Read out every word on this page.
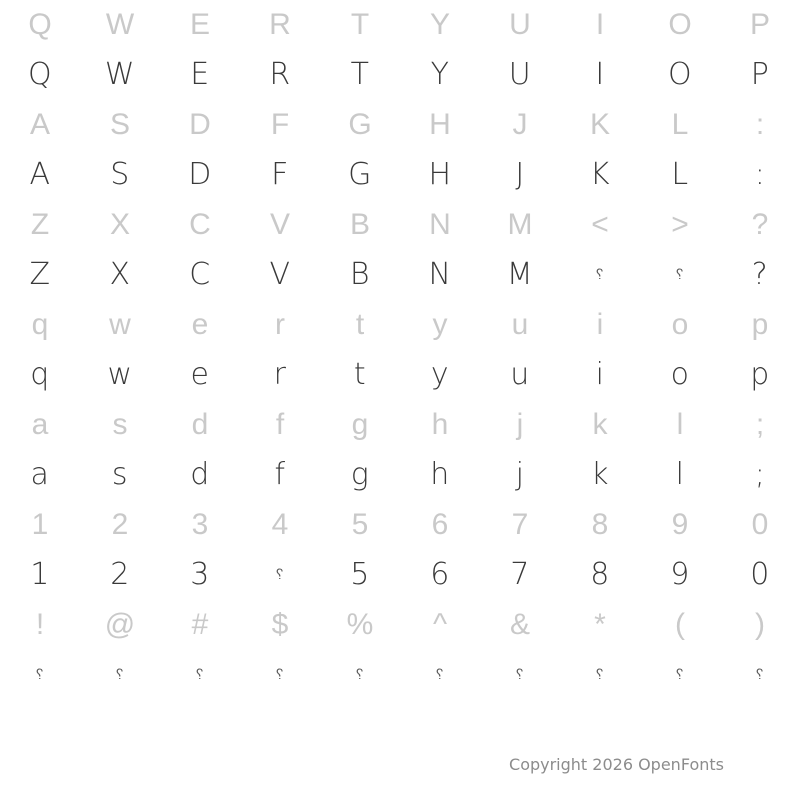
Q	W	E	R	T	Y	U	I	O	P
Q	W	E	R	T	Y	U	I	O	P
A	S	D	F	G	H	J	K	L	:
A	S	D	F	G	H	J	K	L	:
Z	X	C	V	B	N	M	<	>	?
Z	X	C	V	B	N	M	␦	␦	?
q	w	e	r	t	y	u	i	o	p
q	w	e	r	t	y	u	i	o	p
a	s	d	f	g	h	j	k	l	;
a	s	d	f	g	h	j	k	l	;
1	2	3	4	5	6	7	8	9	0
1	2	3	␦	5	6	7	8	9	0
!	@	#	$	%	^	&	*	(	)
␦	␦	␦	␦	␦	␦	␦	␦	␦	␦
Copyright 2026 OpenFonts
